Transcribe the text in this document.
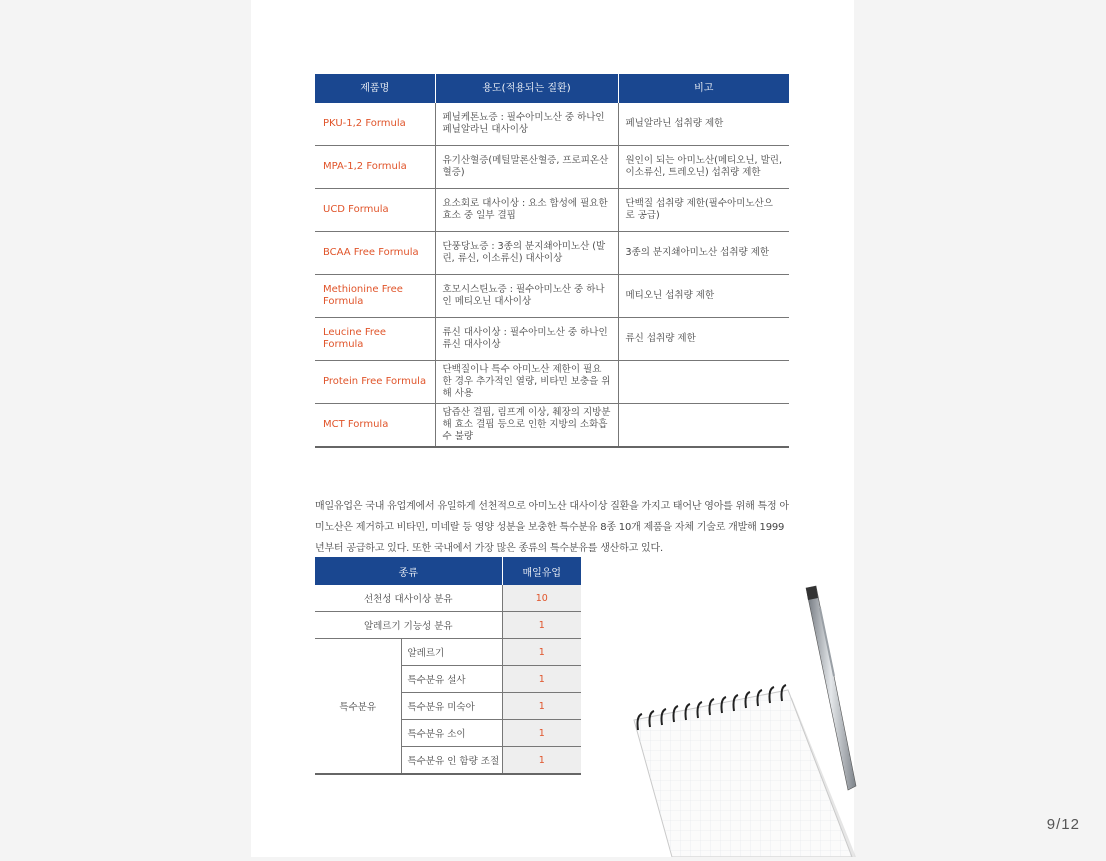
제품명	용도(적용되는 질환)	비고
PKU-1,2 Formula	페닐케톤뇨증 : 필수아미노산 중 하나인 페닐알라닌 대사이상	페닐알라닌 섭취량 제한
MPA-1,2 Formula	유기산혈증(메틸말론산혈증, 프로피온산혈증)	원인이 되는 아미노산(메티오닌, 발린, 이소류신, 트레오닌) 섭취량 제한
UCD Formula	요소회로 대사이상 : 요소 합성에 필요한 효소 중 일부 결핍	단백질 섭취량 제한(필수아미노산으로 공급)
BCAA Free Formula	단풍당뇨증 : 3종의 분지쇄아미노산 (발린, 류신, 이소류신) 대사이상	3종의 분지쇄아미노산 섭취량 제한
Methionine Free Formula	호모시스틴뇨증 : 필수아미노산 중 하나인 메티오닌 대사이상	메티오닌 섭취량 제한
Leucine Free Formula	류신 대사이상 : 필수아미노산 중 하나인 류신 대사이상	류신 섭취량 제한
Protein Free Formula	단백질이나 특수 아미노산 제한이 필요한 경우 추가적인 열량, 비타민 보충을 위해 사용	
MCT Formula	담즙산 결핍, 림프계 이상, 췌장의 지방분해 효소 결핍 등으로 인한 지방의 소화흡수 불량	

매일유업은 국내 유업계에서 유일하게 선천적으로 아미노산 대사이상 질환을 가지고 태어난 영아를 위해 특정 아미노산은 제거하고 비타민, 미네랄 등 영양 성분을 보충한 특수분유 8종 10개 제품을 자체 기술로 개발해 1999년부터 공급하고 있다. 또한 국내에서 가장 많은 종류의 특수분유를 생산하고 있다.

종류		매일유업
선천성 대사이상 분유		10
알레르기 기능성 분유		1
특수분유	알레르기	1
	특수분유 설사	1
	특수분유 미숙아	1
	특수분유 소이	1
	특수분유 인 함량 조절	1
9/12
